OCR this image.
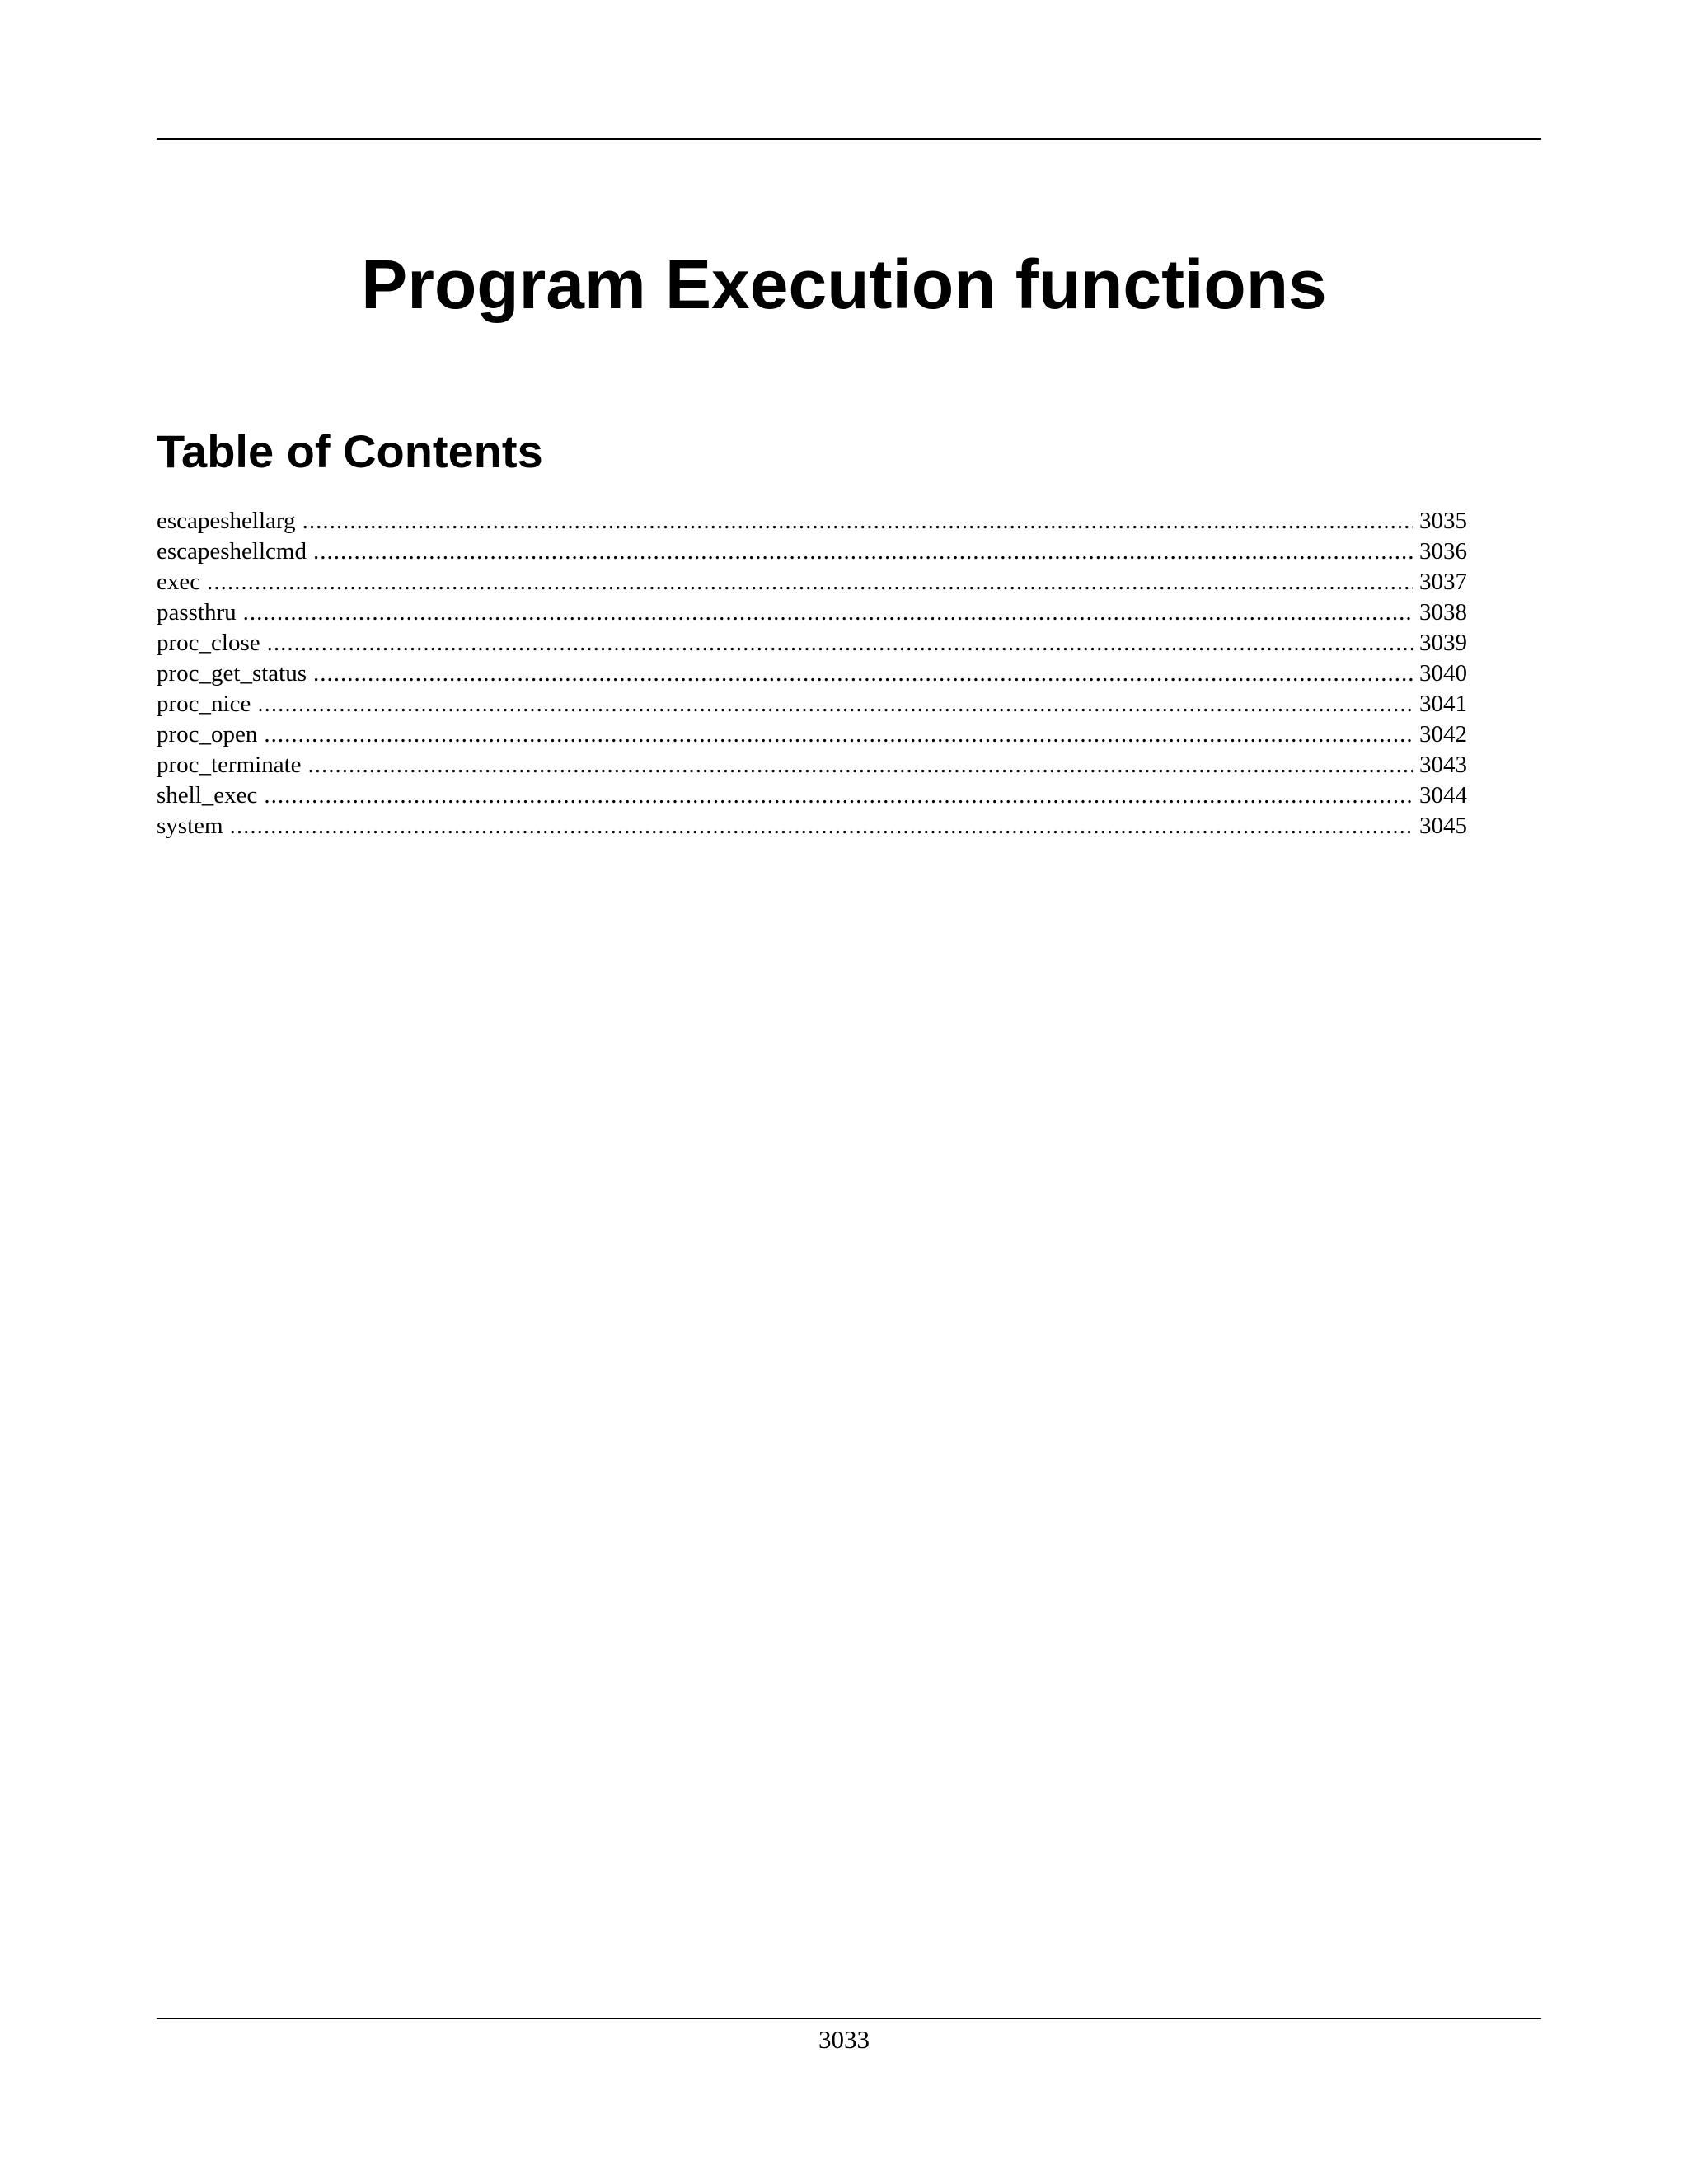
Program Execution functions
Table of Contents
escapeshellarg .....	3035
escapeshellcmd .....	3036
exec .....	3037
passthru .....	3038
proc_close .....	3039
proc_get_status .....	3040
proc_nice .....	3041
proc_open .....	3042
proc_terminate .....	3043
shell_exec .....	3044
system .....	3045
3033
